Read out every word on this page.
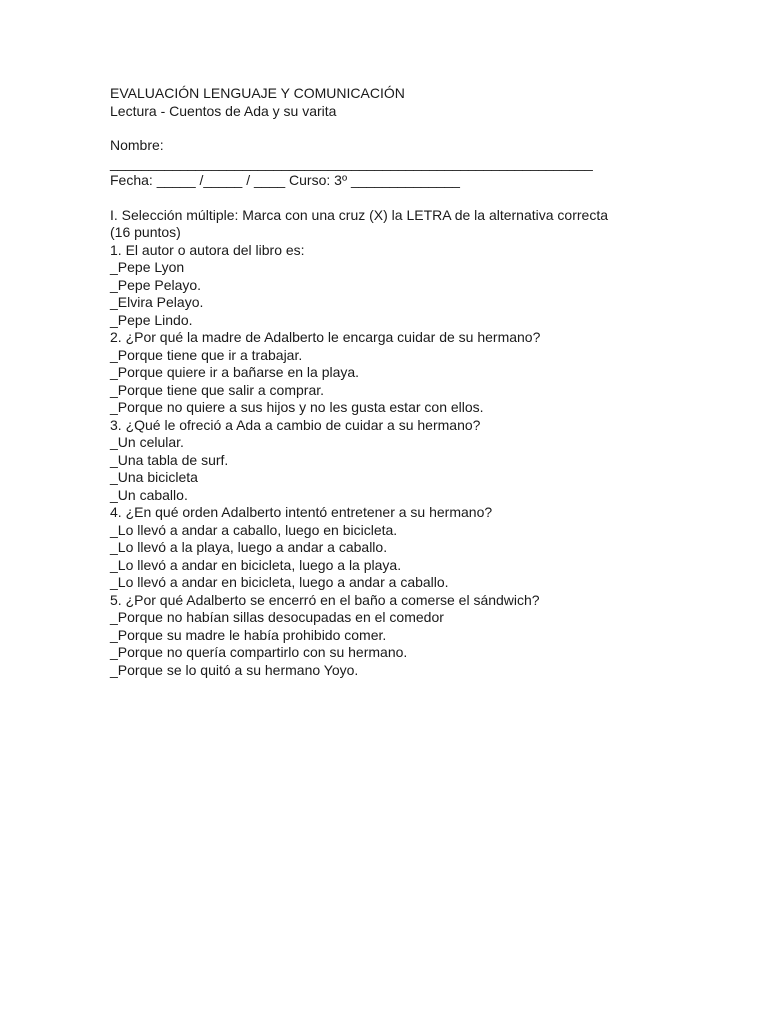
EVALUACIÓN LENGUAJE Y COMUNICACIÓN

Lectura - Cuentos de Ada y su varita

Nombre:

______________________________________________________________

Fecha: _____ /_____ / ____ Curso: 3º ______________

I. Selección múltiple: Marca con una cruz (X) la LETRA de la alternativa correcta

(16 puntos)

1. El autor o autora del libro es:

_Pepe Lyon

_Pepe Pelayo.

_Elvira Pelayo.

_Pepe Lindo.

2. ¿Por qué la madre de Adalberto le encarga cuidar de su hermano?

_Porque tiene que ir a trabajar.

_Porque quiere ir a bañarse en la playa.

_Porque tiene que salir a comprar.

_Porque no quiere a sus hijos y no les gusta estar con ellos.

3. ¿Qué le ofreció a Ada a cambio de cuidar a su hermano?

_Un celular.

_Una tabla de surf.

_Una bicicleta

_Un caballo.

4. ¿En qué orden Adalberto intentó entretener a su hermano?

_Lo llevó a andar a caballo, luego en bicicleta.

_Lo llevó a la playa, luego a andar a caballo.

_Lo llevó a andar en bicicleta, luego a la playa.

_Lo llevó a andar en bicicleta, luego a andar a caballo.

5. ¿Por qué Adalberto se encerró en el baño a comerse el sándwich?

_Porque no habían sillas desocupadas en el comedor

_Porque su madre le había prohibido comer.

_Porque no quería compartirlo con su hermano.

_Porque se lo quitó a su hermano Yoyo.
